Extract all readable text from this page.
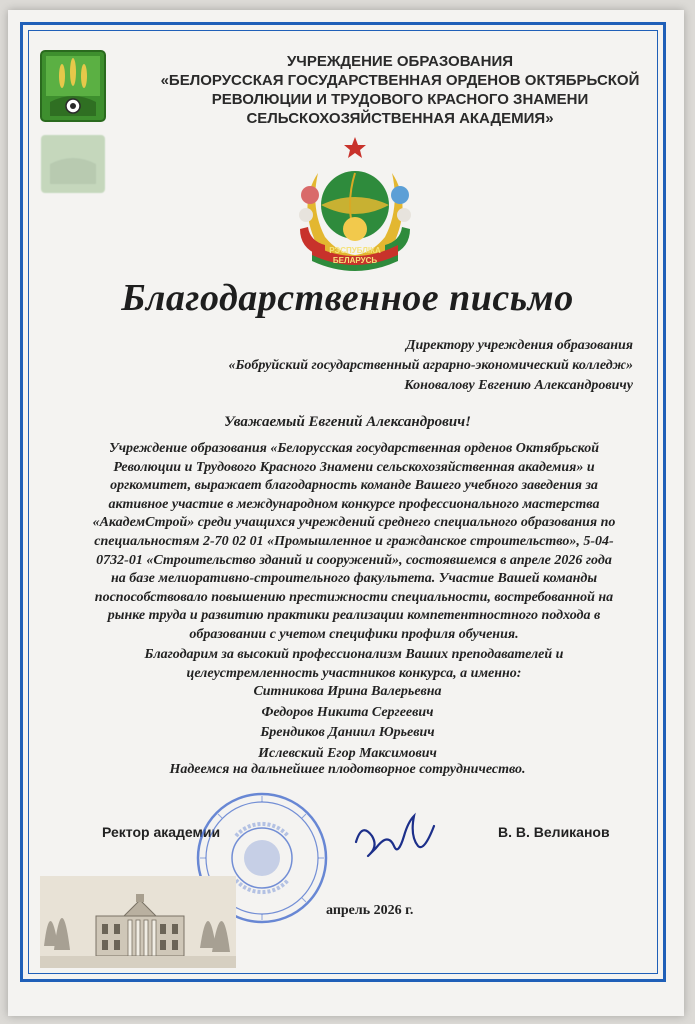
УЧРЕЖДЕНИЕ ОБРАЗОВАНИЯ
«БЕЛОРУССКАЯ ГОСУДАРСТВЕННАЯ ОРДЕНОВ ОКТЯБРЬСКОЙ
РЕВОЛЮЦИИ И ТРУДОВОГО КРАСНОГО ЗНАМЕНИ
СЕЛЬСКОХОЗЯЙСТВЕННАЯ АКАДЕМИЯ»
РЭСПУБЛІКА
БЕЛАРУСЬ
Благодарственное письмо
Директору учреждения образования
«Бобруйский государственный аграрно-экономический колледж»
Коновалову Евгению Александровичу
Уважаемый Евгений Александрович!
Учреждение образования «Белорусская государственная орденов Октябрьской
Революции и Трудового Красного Знамени сельскохозяйственная академия» и
оргкомитет, выражает благодарность команде Вашего учебного заведения за
активное участие в международном конкурсе профессионального мастерства
«АкадемСтрой» среди учащихся учреждений среднего специального образования по
специальностям 2-70 02 01 «Промышленное и гражданское строительство», 5-04-
0732-01 «Строительство зданий и сооружений», состоявшемся в апреле 2026 года
на базе мелиоративно-строительного факультета. Участие Вашей команды
поспособствовало повышению престижности специальности, востребованной на
рынке труда и развитию практики реализации компетентностного подхода в
образовании с учетом специфики профиля обучения.
Благодарим за высокий профессионализм Ваших преподавателей и
целеустремленность участников конкурса, а именно:
Ситникова Ирина Валерьевна
Федоров Никита Сергеевич
Брендиков Даниил Юрьевич
Ислевский Егор Максимович
Надеемся на дальнейшее плодотворное сотрудничество.
Ректор академии	В. В. Великанов
апрель 2026 г.
